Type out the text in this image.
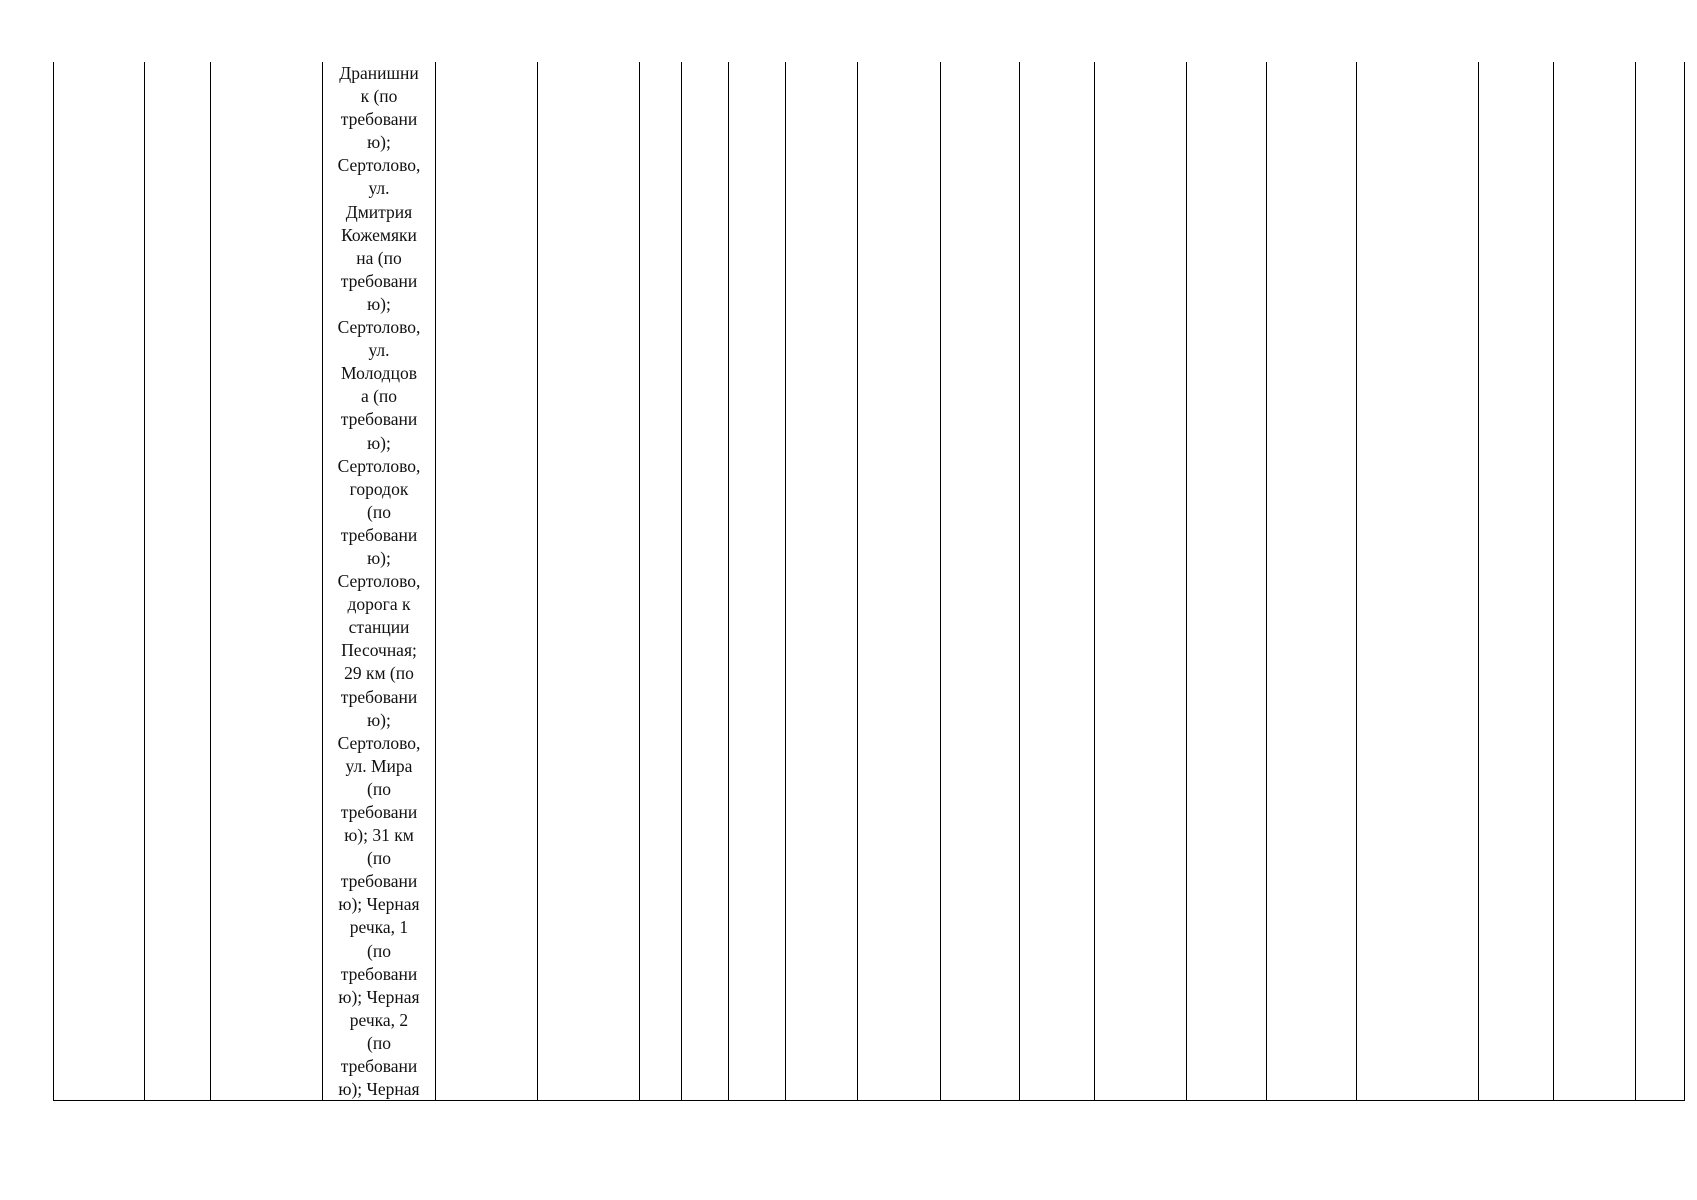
Дранишни
к (по
требовани
ю);
Сертолово,
ул.
Дмитрия
Кожемяки
на (по
требовани
ю);
Сертолово,
ул.
Молодцов
а (по
требовани
ю);
Сертолово,
городок
(по
требовани
ю);
Сертолово,
дорога к
станции
Песочная;
29 км (по
требовани
ю);
Сертолово,
ул. Мира
(по
требовани
ю); 31 км
(по
требовани
ю); Черная
речка, 1
(по
требовани
ю); Черная
речка, 2
(по
требовани
ю); Черная
